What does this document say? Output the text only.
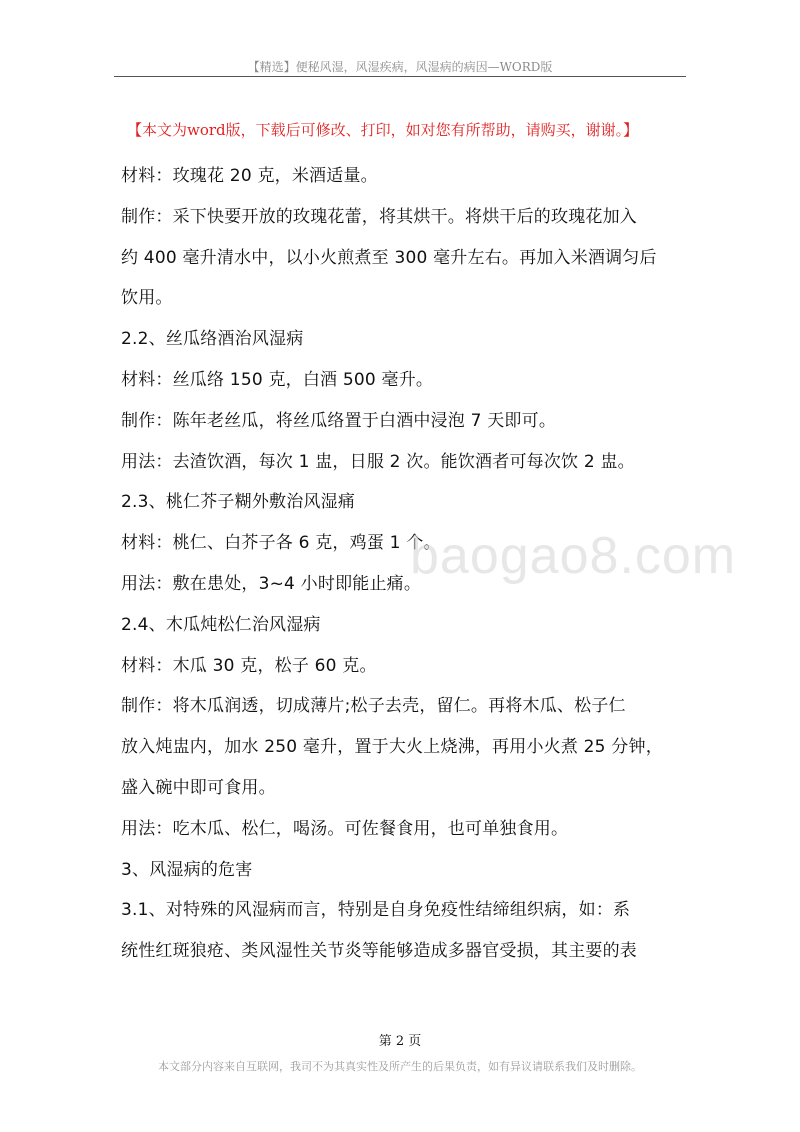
【精选】便秘风湿，风湿疾病，风湿病的病因—WORD版
【本文为word版，下载后可修改、打印，如对您有所帮助，请购买，谢谢。】
材料：玫瑰花 20 克，米酒适量。
制作：采下快要开放的玫瑰花蕾，将其烘干。将烘干后的玫瑰花加入
约 400 毫升清水中，以小火煎煮至 300 毫升左右。再加入米酒调匀后
饮用。
2.2、丝瓜络酒治风湿病
材料：丝瓜络 150 克，白酒 500 毫升。
制作：陈年老丝瓜，将丝瓜络置于白酒中浸泡 7 天即可。
用法：去渣饮酒，每次 1 盅，日服 2 次。能饮酒者可每次饮 2 盅。
2.3、桃仁芥子糊外敷治风湿痛
材料：桃仁、白芥子各 6 克，鸡蛋 1 个。
用法：敷在患处，3~4 小时即能止痛。
2.4、木瓜炖松仁治风湿病
材料：木瓜 30 克，松子 60 克。
制作：将木瓜润透，切成薄片;松子去壳，留仁。再将木瓜、松子仁
放入炖盅内，加水 250 毫升，置于大火上烧沸，再用小火煮 25 分钟，
盛入碗中即可食用。
用法：吃木瓜、松仁，喝汤。可佐餐食用，也可单独食用。
3、风湿病的危害
3.1、对特殊的风湿病而言，特别是自身免疫性结缔组织病，如：系
统性红斑狼疮、类风湿性关节炎等能够造成多器官受损，其主要的表
baogao8.com
第 2 页
本文部分内容来自互联网，我司不为其真实性及所产生的后果负责，如有异议请联系我们及时删除。
